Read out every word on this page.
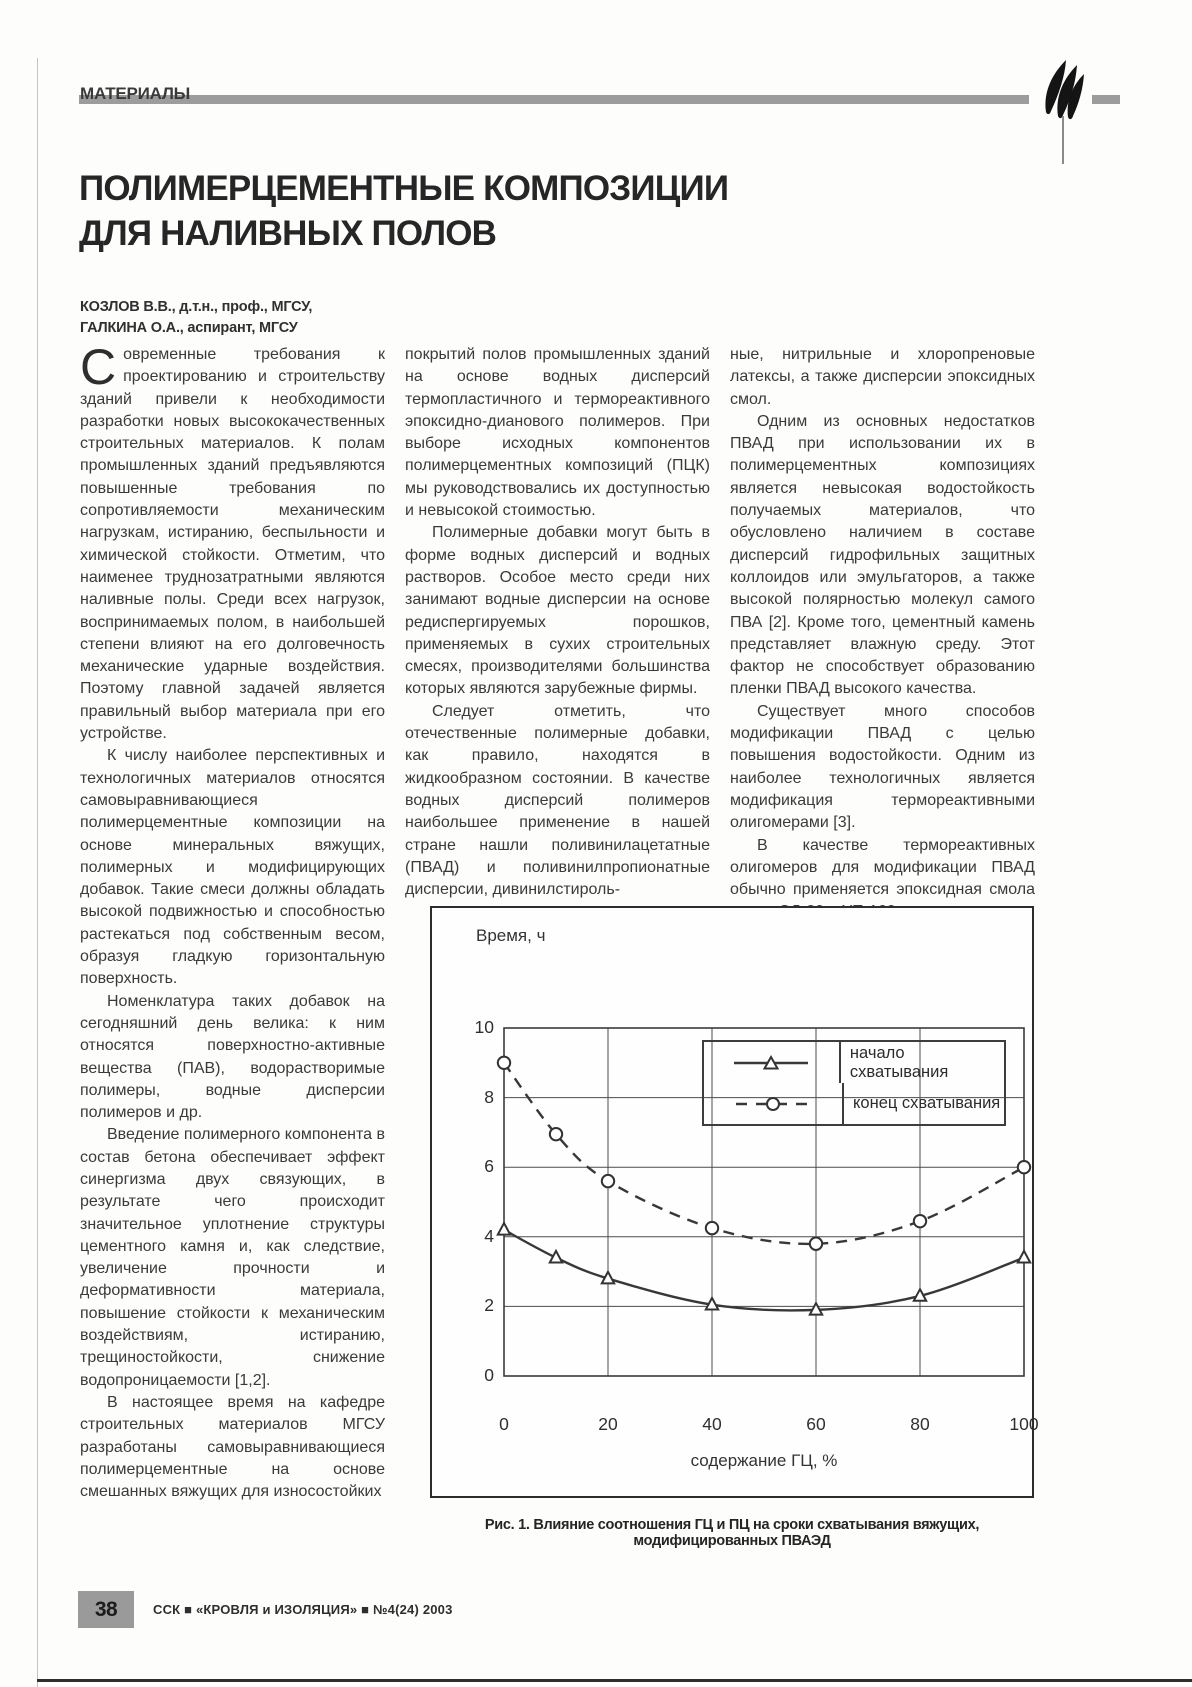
МАТЕРИАЛЫ
ПОЛИМЕРЦЕМЕНТНЫЕ КОМПОЗИЦИИ
ДЛЯ НАЛИВНЫХ ПОЛОВ
КОЗЛОВ В.В., д.т.н., проф., МГСУ,
ГАЛКИНА О.А., аспирант, МГСУ

Современные требования к проектированию и строительству зданий привели к необходимости разработки новых высококачественных строительных материалов. К полам промышленных зданий предъявляются повышенные требования по сопротивляемости механическим нагрузкам, истиранию, беспыльности и химической стойкости. Отметим, что наименее труднозатратными являются наливные полы. Среди всех нагрузок, воспринимаемых полом, в наибольшей степени влияют на его долговечность механические ударные воздействия. Поэтому главной задачей является правильный выбор материала при его устройстве.

К числу наиболее перспективных и технологичных материалов относятся самовыравнивающиеся полимерцементные композиции на основе минеральных вяжущих, полимерных и модифицирующих добавок. Такие смеси должны обладать высокой подвижностью и способностью растекаться под собственным весом, образуя гладкую горизонтальную поверхность.

Номенклатура таких добавок на сегодняшний день велика: к ним относятся поверхностно-активные вещества (ПАВ), водорастворимые полимеры, водные дисперсии полимеров и др.

Введение полимерного компонента в состав бетона обеспечивает эффект синергизма двух связующих, в результате чего происходит значительное уплотнение структуры цементного камня и, как следствие, увеличение прочности и деформативности материала, повышение стойкости к механическим воздействиям, истиранию, трещиностойкости, снижение водопроницаемости [1,2].

В настоящее время на кафедре строительных материалов МГСУ разработаны самовыравнивающиеся полимерцементные на основе смешанных вяжущих для износостойких

покрытий полов промышленных зданий на основе водных дисперсий термопластичного и термореактивного эпоксидно-дианового полимеров. При выборе исходных компонентов полимерцементных композиций (ПЦК) мы руководствовались их доступностью и невысокой стоимостью.

Полимерные добавки могут быть в форме водных дисперсий и водных растворов. Особое место среди них занимают водные дисперсии на основе редиспергируемых порошков, применяемых в сухих строительных смесях, производителями большинства которых являются зарубежные фирмы.

Следует отметить, что отечественные полимерные добавки, как правило, находятся в жидкообразном состоянии. В качестве водных дисперсий полимеров наибольшее применение в нашей стране нашли поливинилацетатные (ПВАД) и поливинилпропионатные дисперсии, дивинилстироль-

ные, нитрильные и хлоропреновые латексы, а также дисперсии эпоксидных смол.

Одним из основных недостатков ПВАД при использовании их в полимерцементных композициях является невысокая водостойкость получаемых материалов, что обусловлено наличием в составе дисперсий гидрофильных защитных коллоидов или эмульгаторов, а также высокой полярностью молекул самого ПВА [2]. Кроме того, цементный камень представляет влажную среду. Этот фактор не способствует образованию пленки ПВАД высокого качества.

Существует много способов модификации ПВАД с целью повышения водостойкости. Одним из наиболее технологичных является модификация термореактивными олигомерами [3].

В качестве термореактивных олигомеров для модификации ПВАД обычно применяется эпоксидная смола

Время, ч
начало схватывания
конец схватывания
содержание ГЦ, %
0
2
4
6
8
10
0	20	40	60	80	100
Рис. 1. Влияние соотношения ГЦ и ПЦ на сроки схватывания вяжущих, модифицированных ПВАЭД
38	ССК ■ «КРОВЛЯ и ИЗОЛЯЦИЯ» ■ №4(24) 2003
